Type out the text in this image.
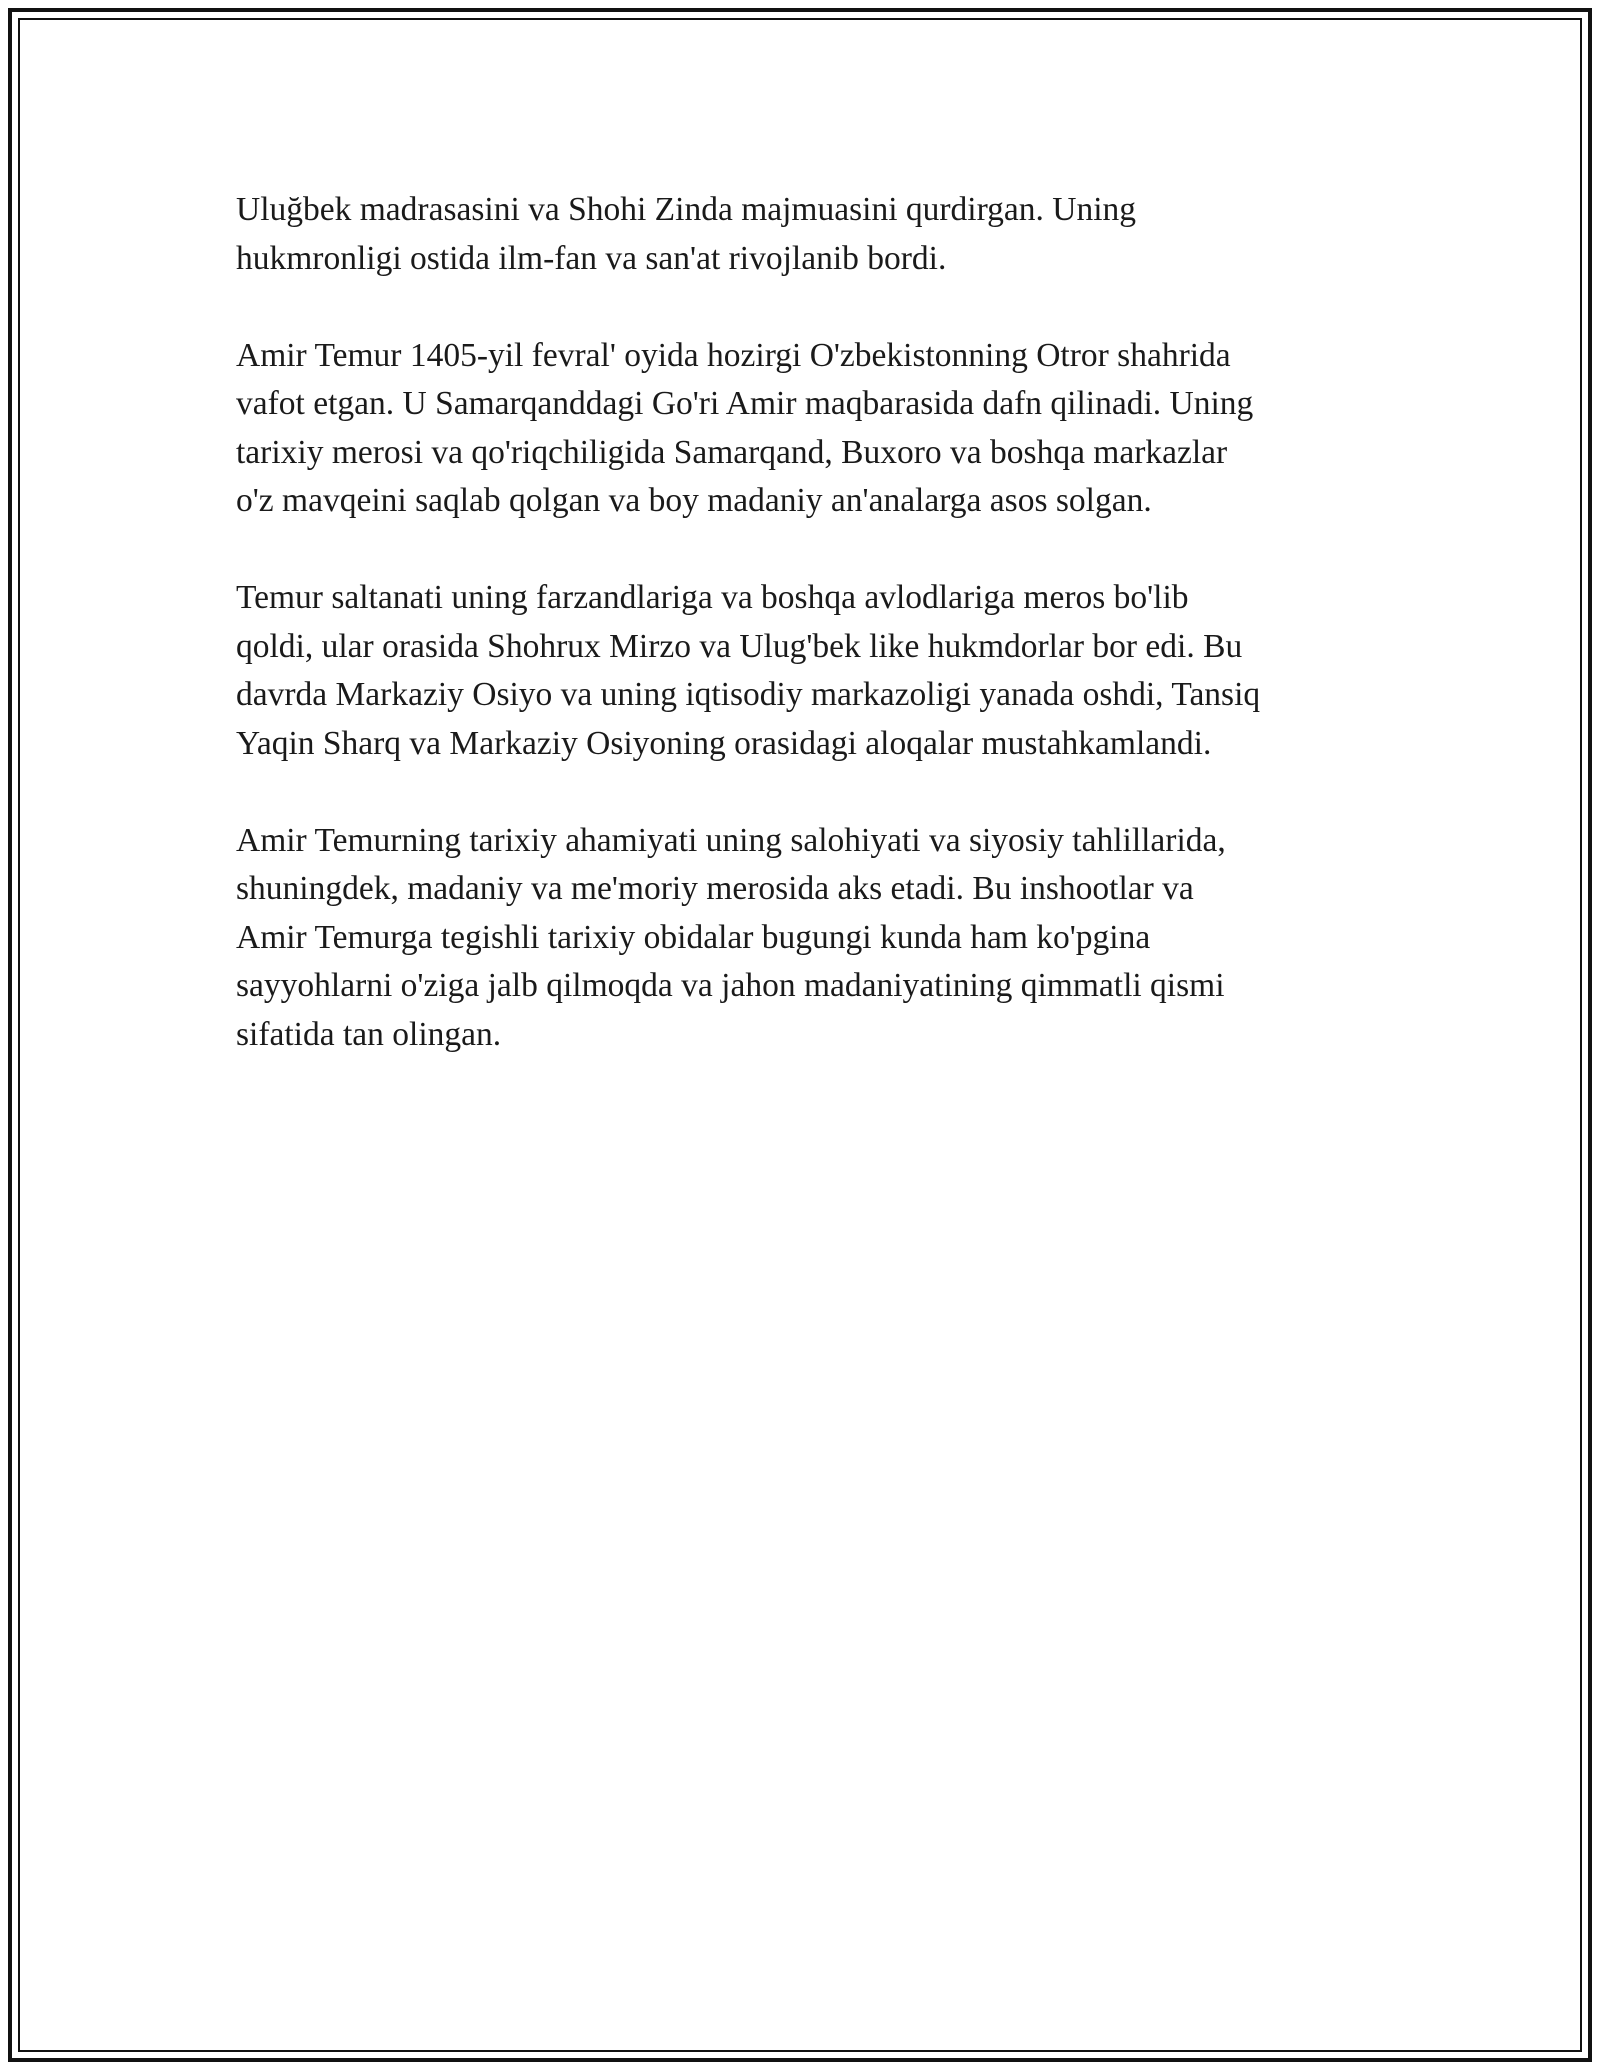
Uluğbek madrasasini va Shohi Zinda majmuasini qurdirgan. Uning
hukmronligi ostida ilm-fan va san'at rivojlanib bordi.

Amir Temur 1405-yil fevral' oyida hozirgi O'zbekistonning Otror shahrida
vafot etgan. U Samarqanddagi Go'ri Amir maqbarasida dafn qilinadi. Uning
tarixiy merosi va qo'riqchiligida Samarqand, Buxoro va boshqa markazlar
o'z mavqeini saqlab qolgan va boy madaniy an'analarga asos solgan.

Temur saltanati uning farzandlariga va boshqa avlodlariga meros bo'lib
qoldi, ular orasida Shohrux Mirzo va Ulug'bek like hukmdorlar bor edi. Bu
davrda Markaziy Osiyo va uning iqtisodiy markazoligi yanada oshdi, Tansiq
Yaqin Sharq va Markaziy Osiyoning orasidagi aloqalar mustahkamlandi.

Amir Temurning tarixiy ahamiyati uning salohiyati va siyosiy tahlillarida,
shuningdek, madaniy va me'moriy merosida aks etadi. Bu inshootlar va
Amir Temurga tegishli tarixiy obidalar bugungi kunda ham ko'pgina
sayyohlarni o'ziga jalb qilmoqda va jahon madaniyatining qimmatli qismi
sifatida tan olingan.
